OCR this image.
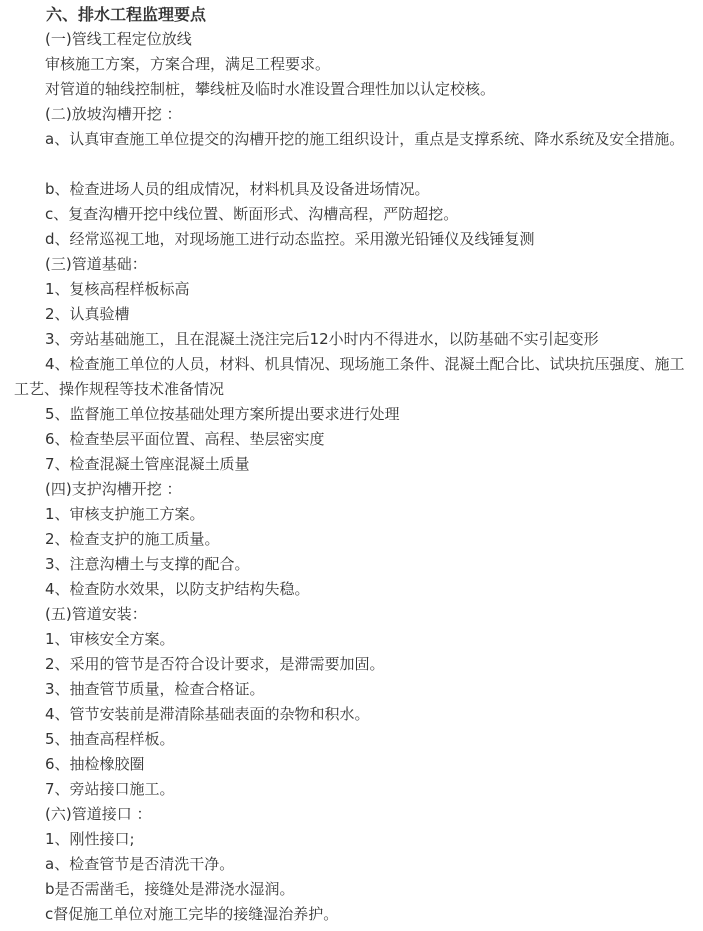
六、排水工程监理要点
(一)管线工程定位放线
审核施工方案，方案合理，满足工程要求。
对管道的轴线控制桩，攀线桩及临时水准设置合理性加以认定校核。
(二)放坡沟槽开挖 ：
a、认真审查施工单位提交的沟槽开挖的施工组织设计，重点是支撑系统、降水系统及安全措施。
b、检查进场人员的组成情况，材料机具及设备进场情况。
c、复查沟槽开挖中线位置、断面形式、沟槽高程，严防超挖。
d、经常巡视工地，对现场施工进行动态监控。采用激光铅锤仪及线锤复测
(三)管道基础：
1、复核高程样板标高
2、认真验槽
3、旁站基础施工，且在混凝土浇注完后12小时内不得进水，以防基础不实引起变形
4、检查施工单位的人员，材料、机具情况、现场施工条件、混凝土配合比、试块抗压强度、施工工艺、操作规程等技术准备情况
5、监督施工单位按基础处理方案所提出要求进行处理
6、检查垫层平面位置、高程、垫层密实度
7、检查混凝土管座混凝土质量
(四)支护沟槽开挖 ：
1、审核支护施工方案。
2、检查支护的施工质量。
3、注意沟槽土与支撑的配合。
4、检查防水效果，以防支护结构失稳。
(五)管道安装：
1、审核安全方案。
2、采用的管节是否符合设计要求，是滞需要加固。
3、抽查管节质量，检查合格证。
4、管节安装前是滞清除基础表面的杂物和积水。
5、抽查高程样板。
6、抽检橡胶圈
7、旁站接口施工。
(六)管道接口 ：
1、刚性接口;
a、检查管节是否清洗干净。
b是否需凿毛，接缝处是滞浇水湿润。
c督促施工单位对施工完毕的接缝湿治养护。
